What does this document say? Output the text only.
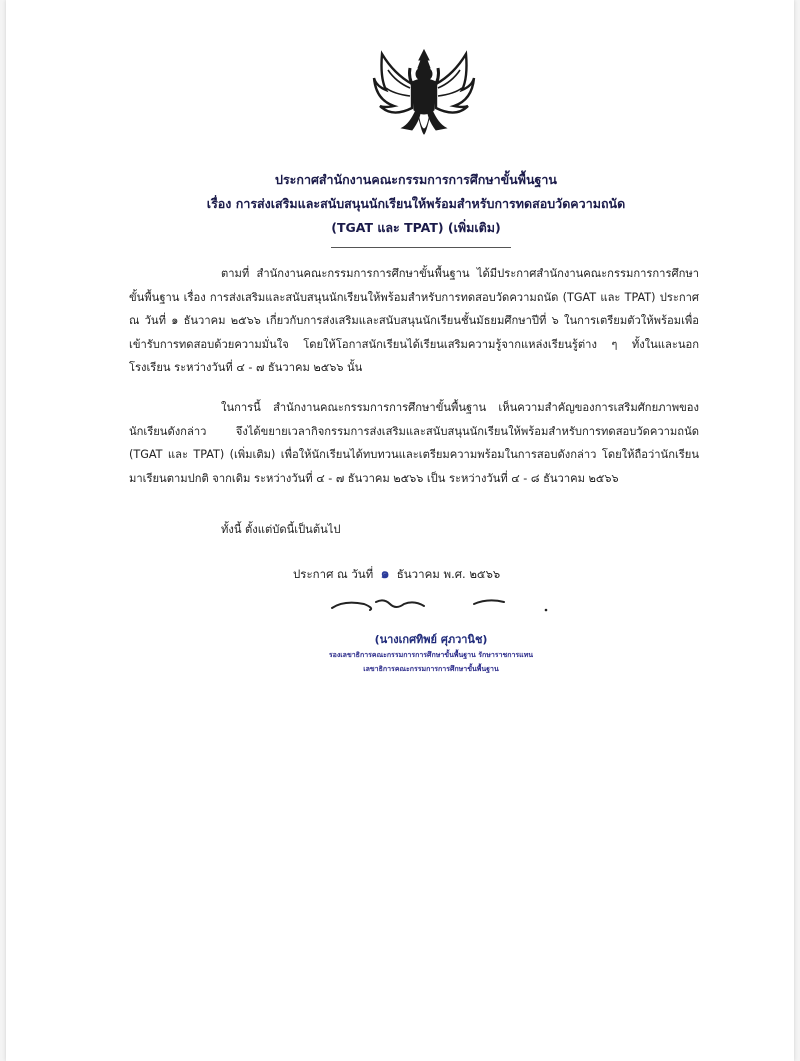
ประกาศสำนักงานคณะกรรมการการศึกษาขั้นพื้นฐาน
เรื่อง การส่งเสริมและสนับสนุนนักเรียนให้พร้อมสำหรับการทดสอบวัดความถนัด
(TGAT และ TPAT) (เพิ่มเติม)
ตามที่ สำนักงานคณะกรรมการการศึกษาขั้นพื้นฐาน ได้มีประกาศสำนักงานคณะกรรมการการศึกษาขั้นพื้นฐาน เรื่อง การส่งเสริมและสนับสนุนนักเรียนให้พร้อมสำหรับการทดสอบวัดความถนัด (TGAT และ TPAT) ประกาศ ณ วันที่ ๑ ธันวาคม ๒๕๖๖ เกี่ยวกับการส่งเสริมและสนับสนุนนักเรียนชั้นมัธยมศึกษาปีที่ ๖ ในการเตรียมตัวให้พร้อมเพื่อเข้ารับการทดสอบด้วยความมั่นใจ โดยให้โอกาสนักเรียนได้เรียนเสริมความรู้จากแหล่งเรียนรู้ต่าง ๆ ทั้งในและนอกโรงเรียน ระหว่างวันที่ ๔ - ๗ ธันวาคม ๒๕๖๖ นั้น
ในการนี้ สำนักงานคณะกรรมการการศึกษาขั้นพื้นฐาน เห็นความสำคัญของการเสริมศักยภาพของนักเรียนดังกล่าว จึงได้ขยายเวลากิจกรรมการส่งเสริมและสนับสนุนนักเรียนให้พร้อมสำหรับการทดสอบวัดความถนัด (TGAT และ TPAT) (เพิ่มเติม) เพื่อให้นักเรียนได้ทบทวนและเตรียมความพร้อมในการสอบดังกล่าว โดยให้ถือว่านักเรียนมาเรียนตามปกติ จากเดิม ระหว่างวันที่ ๔ - ๗ ธันวาคม ๒๕๖๖ เป็น ระหว่างวันที่ ๔ - ๘ ธันวาคม ๒๕๖๖
ทั้งนี้ ตั้งแต่บัดนี้เป็นต้นไป
ประกาศ ณ วันที่ ๑ ธันวาคม พ.ศ. ๒๕๖๖
(นางเกศทิพย์ ศุภวานิช)
รองเลขาธิการคณะกรรมการการศึกษาขั้นพื้นฐาน รักษาราชการแทน
เลขาธิการคณะกรรมการการศึกษาขั้นพื้นฐาน
